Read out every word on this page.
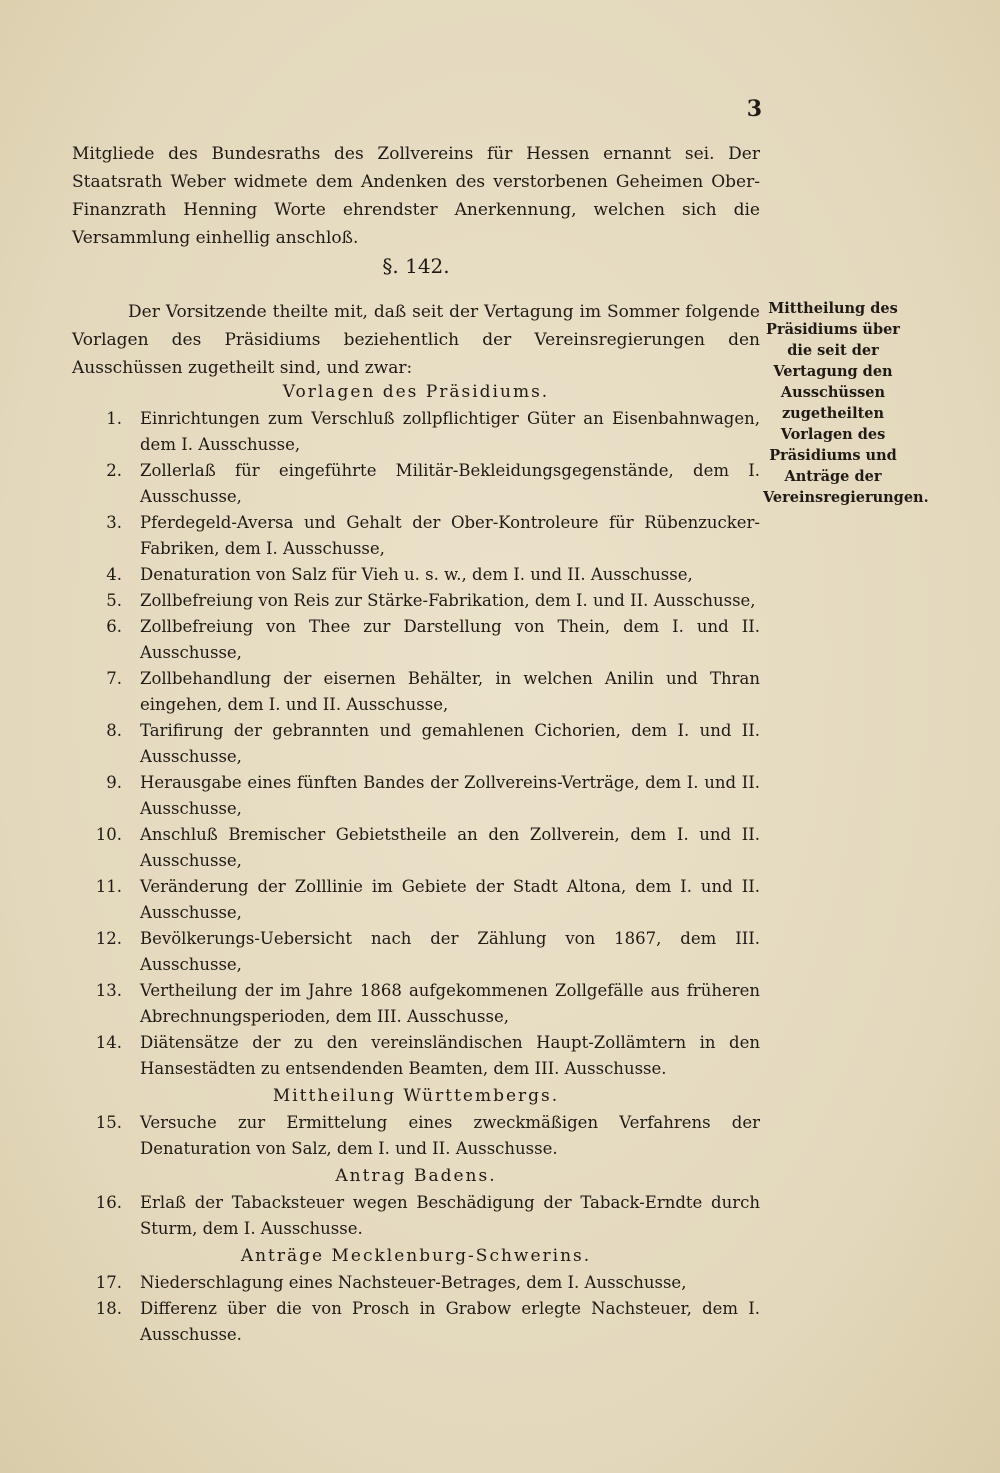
3
Mitgliede des Bundesraths des Zollvereins für Hessen ernannt sei. Der Staatsrath Weber widmete dem Andenken des verstorbenen Geheimen Ober-Finanzrath Henning Worte ehrendster Anerkennung, welchen sich die Versammlung einhellig anschloß.
§. 142.
Der Vorsitzende theilte mit, daß seit der Vertagung im Sommer folgende Vorlagen des Präsidiums beziehentlich der Vereinsregierungen den Ausschüssen zugetheilt sind, und zwar:
Mittheilung des Präsidiums über die seit der Vertagung den Ausschüssen zugetheilten Vorlagen des Präsidiums und Anträge der Vereinsregierungen.
Vorlagen des Präsidiums.
1.	Einrichtungen zum Verschluß zollpflichtiger Güter an Eisenbahnwagen, dem I. Ausschusse,
2.	Zollerlaß für eingeführte Militär-Bekleidungsgegenstände, dem I. Ausschusse,
3.	Pferdegeld-Aversa und Gehalt der Ober-Kontroleure für Rübenzucker-Fabriken, dem I. Ausschusse,
4.	Denaturation von Salz für Vieh u. s. w., dem I. und II. Ausschusse,
5.	Zollbefreiung von Reis zur Stärke-Fabrikation, dem I. und II. Ausschusse,
6.	Zollbefreiung von Thee zur Darstellung von Thein, dem I. und II. Ausschusse,
7.	Zollbehandlung der eisernen Behälter, in welchen Anilin und Thran eingehen, dem I. und II. Ausschusse,
8.	Tarifirung der gebrannten und gemahlenen Cichorien, dem I. und II. Ausschusse,
9.	Herausgabe eines fünften Bandes der Zollvereins-Verträge, dem I. und II. Ausschusse,
10.	Anschluß Bremischer Gebietstheile an den Zollverein, dem I. und II. Ausschusse,
11.	Veränderung der Zolllinie im Gebiete der Stadt Altona, dem I. und II. Ausschusse,
12.	Bevölkerungs-Uebersicht nach der Zählung von 1867, dem III. Ausschusse,
13.	Vertheilung der im Jahre 1868 aufgekommenen Zollgefälle aus früheren Abrechnungsperioden, dem III. Ausschusse,
14.	Diätensätze der zu den vereinsländischen Haupt-Zollämtern in den Hansestädten zu entsendenden Beamten, dem III. Ausschusse.
Mittheilung Württembergs.
15.	Versuche zur Ermittelung eines zweckmäßigen Verfahrens der Denaturation von Salz, dem I. und II. Ausschusse.
Antrag Badens.
16.	Erlaß der Tabacksteuer wegen Beschädigung der Taback-Erndte durch Sturm, dem I. Ausschusse.
Anträge Mecklenburg-Schwerins.
17.	Niederschlagung eines Nachsteuer-Betrages, dem I. Ausschusse,
18.	Differenz über die von Prosch in Grabow erlegte Nachsteuer, dem I. Ausschusse.
